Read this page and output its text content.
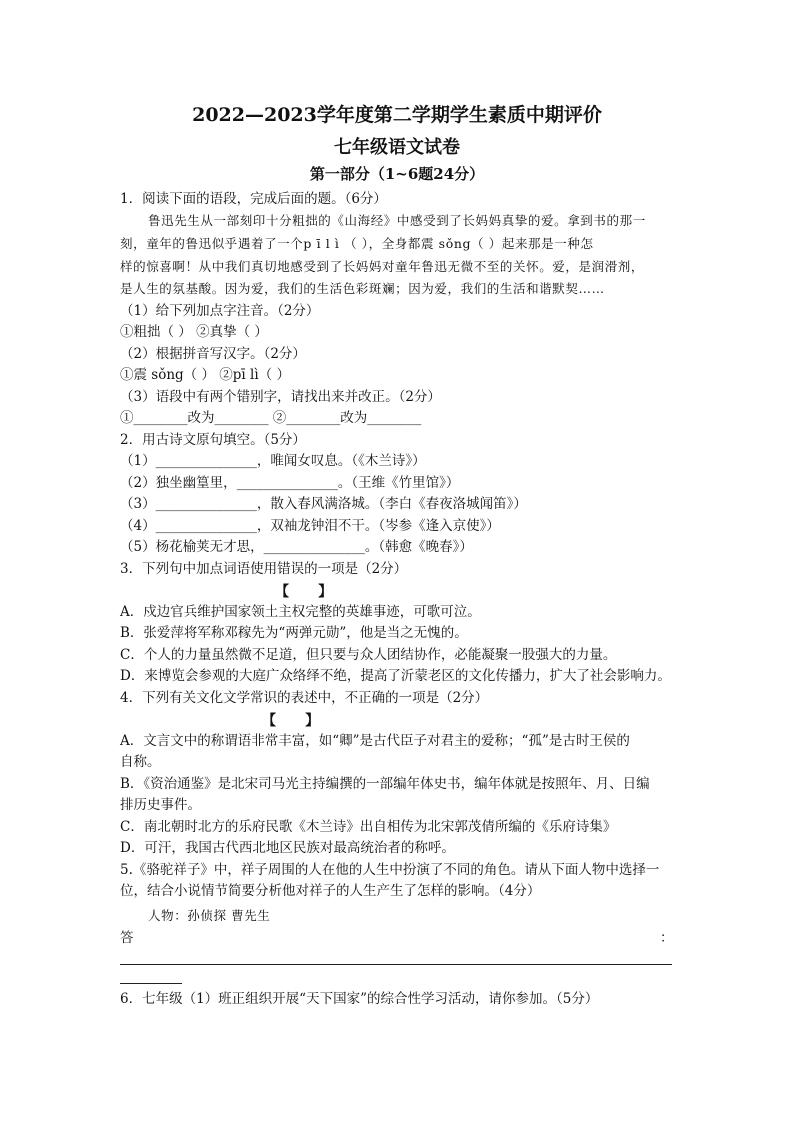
2022—2023学年度第二学期学生素质中期评价
七年级语文试卷
第一部分（1~6题24分）
1．阅读下面的语段，完成后面的题。（6分）
鲁迅先生从一部刻印十分粗拙的《山海经》中感受到了长妈妈真挚的爱。拿到书的那一
刻，童年的鲁迅似乎遇着了一个p ī l ì （ ），全身都震 sǒng（ ）起来那是一种怎
样的惊喜啊！从中我们真切地感受到了长妈妈对童年鲁迅无微不至的关怀。爱，是润滑剂，
是人生的氛基酸。因为爱，我们的生活色彩斑斓；因为爱，我们的生活和谐默契……
（1）给下列加点字注音。（2分）
①粗拙（ ） ②真挚（ ）
（2）根据拼音写汉字。（2分）
①震 sǒng（ ） ②pī lì（ ）
（3）语段中有两个错别字，请找出来并改正。（2分）
①________改为________ ②________改为________
2．用古诗文原句填空。（5分）
（1）_______________，唯闻女叹息。（《木兰诗》）
（2）独坐幽篁里，_______________。（王维《竹里馆》）
（3）_______________，散入春风满洛城。（李白《春夜洛城闻笛》）
（4）_______________，双袖龙钟泪不干。（岑参《逢入京使》）
（5）杨花榆荚无才思，_______________。（韩愈《晚春》）
3．下列句中加点词语使用错误的一项是（2分）
【      】
A．戍边官兵维护国家领土主权完整的英雄事迹，可歌可泣。
B．张爱萍将军称邓稼先为“两弹元勋”，他是当之无愧的。
C．个人的力量虽然微不足道，但只要与众人团结协作，必能凝聚一股强大的力量。
D．来博览会参观的大庭广众络绎不绝，提高了沂蒙老区的文化传播力，扩大了社会影响力。
4．下列有关文化文学常识的表述中，不正确的一项是（2分）
【      】
A．文言文中的称谓语非常丰富，如“卿”是古代臣子对君主的爱称；“孤”是古时王侯的
自称。
B．《资治通鉴》是北宋司马光主持编撰的一部编年体史书，编年体就是按照年、月、日编
排历史事件。
C．南北朝时北方的乐府民歌《木兰诗》出自相传为北宋郭茂倩所编的《乐府诗集》
D．可汗，我国古代西北地区民族对最高统治者的称呼。
5.《骆驼祥子》中，祥子周围的人在他的人生中扮演了不同的角色。请从下面人物中选择一
位，结合小说情节简要分析他对祥子的人生产生了怎样的影响。（4分）
人物：孙侦探 曹先生
答	：
6．七年级（1）班正组织开展“天下国家”的综合性学习活动，请你参加。（5分）
